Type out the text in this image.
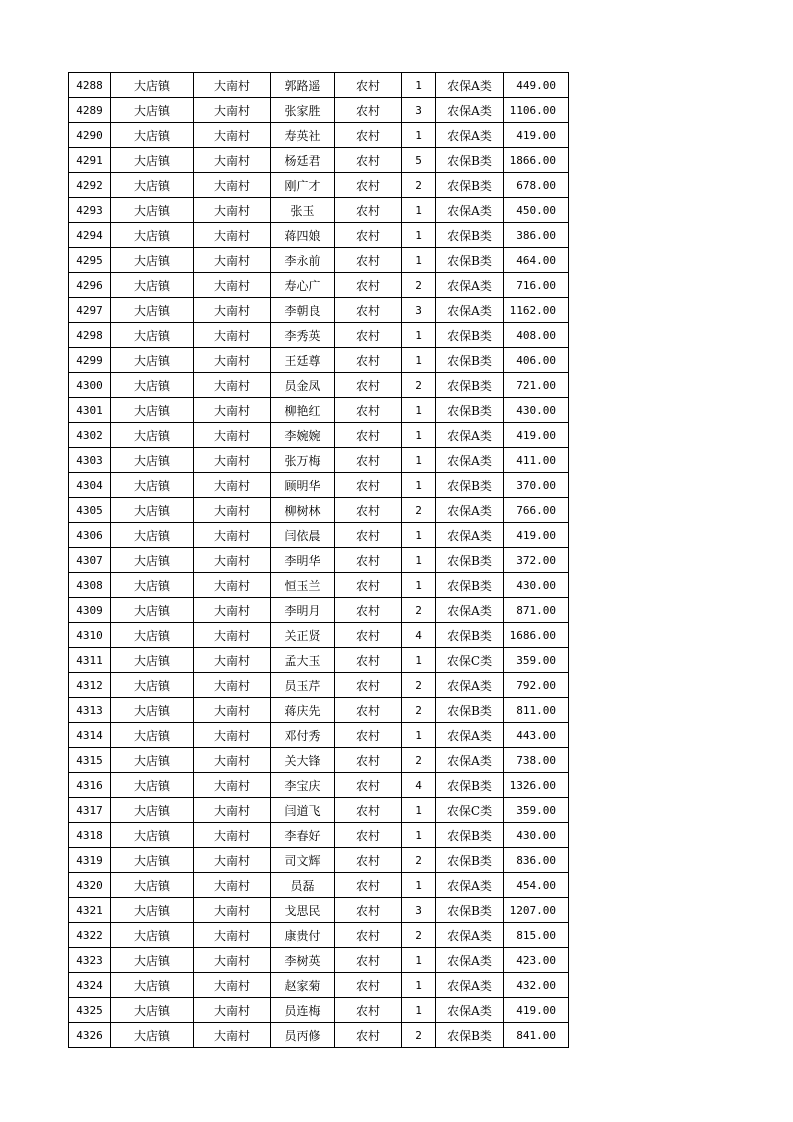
4288	大店镇	大南村	郭路遥	农村	1	农保A类	449.00
4289	大店镇	大南村	张家胜	农村	3	农保A类	1106.00
4290	大店镇	大南村	寿英社	农村	1	农保A类	419.00
4291	大店镇	大南村	杨廷君	农村	5	农保B类	1866.00
4292	大店镇	大南村	刚广才	农村	2	农保B类	678.00
4293	大店镇	大南村	张玉	农村	1	农保A类	450.00
4294	大店镇	大南村	蒋四娘	农村	1	农保B类	386.00
4295	大店镇	大南村	李永前	农村	1	农保B类	464.00
4296	大店镇	大南村	寿心广	农村	2	农保A类	716.00
4297	大店镇	大南村	李朝良	农村	3	农保A类	1162.00
4298	大店镇	大南村	李秀英	农村	1	农保B类	408.00
4299	大店镇	大南村	王廷尊	农村	1	农保B类	406.00
4300	大店镇	大南村	员金凤	农村	2	农保B类	721.00
4301	大店镇	大南村	柳艳红	农村	1	农保B类	430.00
4302	大店镇	大南村	李婉婉	农村	1	农保A类	419.00
4303	大店镇	大南村	张万梅	农村	1	农保A类	411.00
4304	大店镇	大南村	顾明华	农村	1	农保B类	370.00
4305	大店镇	大南村	柳树林	农村	2	农保A类	766.00
4306	大店镇	大南村	闫依晨	农村	1	农保A类	419.00
4307	大店镇	大南村	李明华	农村	1	农保B类	372.00
4308	大店镇	大南村	恒玉兰	农村	1	农保B类	430.00
4309	大店镇	大南村	李明月	农村	2	农保A类	871.00
4310	大店镇	大南村	关正贤	农村	4	农保B类	1686.00
4311	大店镇	大南村	孟大玉	农村	1	农保C类	359.00
4312	大店镇	大南村	员玉芹	农村	2	农保A类	792.00
4313	大店镇	大南村	蒋庆先	农村	2	农保B类	811.00
4314	大店镇	大南村	邓付秀	农村	1	农保A类	443.00
4315	大店镇	大南村	关大锋	农村	2	农保A类	738.00
4316	大店镇	大南村	李宝庆	农村	4	农保B类	1326.00
4317	大店镇	大南村	闫道飞	农村	1	农保C类	359.00
4318	大店镇	大南村	李春好	农村	1	农保B类	430.00
4319	大店镇	大南村	司文辉	农村	2	农保B类	836.00
4320	大店镇	大南村	员磊	农村	1	农保A类	454.00
4321	大店镇	大南村	戈思民	农村	3	农保B类	1207.00
4322	大店镇	大南村	康贵付	农村	2	农保A类	815.00
4323	大店镇	大南村	李树英	农村	1	农保A类	423.00
4324	大店镇	大南村	赵家菊	农村	1	农保A类	432.00
4325	大店镇	大南村	员连梅	农村	1	农保A类	419.00
4326	大店镇	大南村	员丙修	农村	2	农保B类	841.00
